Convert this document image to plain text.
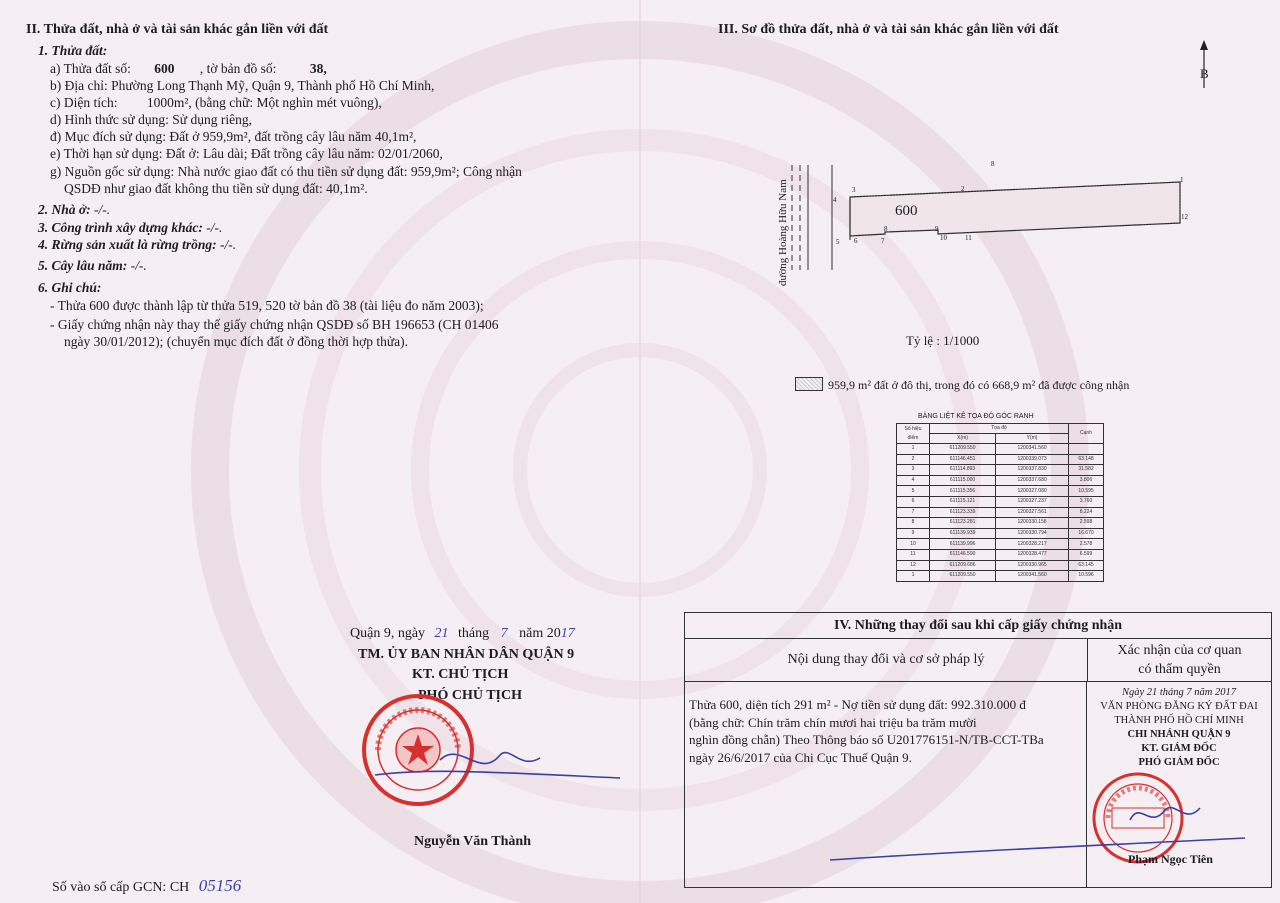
II. Thửa đất, nhà ở và tài sản khác gắn liền với đất
1. Thửa đất:
a) Thửa đất số: 600 , tờ bản đồ số: 38,
b) Địa chỉ: Phường Long Thạnh Mỹ, Quận 9, Thành phố Hồ Chí Minh,
c) Diện tích: 1000m², (bằng chữ: Một nghìn mét vuông),
d) Hình thức sử dụng: Sử dụng riêng,
đ) Mục đích sử dụng: Đất ở 959,9m², đất trồng cây lâu năm 40,1m²,
e) Thời hạn sử dụng: Đất ở: Lâu dài; Đất trồng cây lâu năm: 02/01/2060,
g) Nguồn gốc sử dụng: Nhà nước giao đất có thu tiền sử dụng đất: 959,9m²; Công nhận
QSDĐ như giao đất không thu tiền sử dụng đất: 40,1m².
2. Nhà ở: -/-.
3. Công trình xây dựng khác: -/-.
4. Rừng sản xuất là rừng trồng: -/-.
5. Cây lâu năm: -/-.
6. Ghi chú:
- Thửa 600 được thành lập từ thửa 519, 520 tờ bản đồ 38 (tài liệu đo năm 2003);
- Giấy chứng nhận này thay thế giấy chứng nhận QSDĐ số BH 196653 (CH 01406
ngày 30/01/2012); (chuyển mục đích đất ở đồng thời hợp thửa).
Quận 9, ngày 21 tháng 7 năm 2017
TM. ỦY BAN NHÂN DÂN QUẬN 9
KT. CHỦ TỊCH
PHÓ CHỦ TỊCH
Nguyễn Văn Thành
Số vào sổ cấp GCN: CH 05156
III. Sơ đồ thửa đất, nhà ở và tài sản khác gắn liền với đất
B
đường Hoàng Hữu Nam	600
8
1
2
3
4
5 6	7
8	9
10	11
12
Tỷ lệ : 1/1000
959,9 m² đất ở đô thị, trong đó có 668,9 m² đã được công nhận
BẢNG LIỆT KÊ TỌA ĐỘ GÓC RANH
Số hiệu điểm	Tọa độ		Cạnh
	X(m)	Y(m)	
1	611209.550	1200341.560	
2	611146.451	1200339.073	63.148
3	611114.893	1200337.830	31.582
4	611115.000	1200337.680	3.806
5	611115.356	1200327.080	10.595
6	611115.121	1200327.237	3.760
7	611123.339	1200327.561	8.224
8	611123.281	1200330.158	2.598
9	611139.939	1200330.794	16.670
10	611139.996	1200328.217	2.578
11	611146.590	1200328.477	6.599
12	611209.686	1200330.965	63.145
1	611209.550	1200341.560	10.596
IV. Những thay đổi sau khi cấp giấy chứng nhận
Nội dung thay đổi và cơ sở pháp lý
Xác nhận của cơ quan
có thẩm quyền
Thửa 600, diện tích 291 m² - Nợ tiền sử dụng đất: 992.310.000 đ
(bằng chữ: Chín trăm chín mươi hai triệu ba trăm mười
nghìn đồng chẵn) Theo Thông báo số U201776151-N/TB-CCT-TBa
ngày 26/6/2017 của Chi Cục Thuế Quận 9.
Ngày 21 tháng 7 năm 2017
VĂN PHÒNG ĐĂNG KÝ ĐẤT ĐAI
THÀNH PHỐ HỒ CHÍ MINH
CHI NHÁNH QUẬN 9
KT. GIÁM ĐỐC
PHÓ GIÁM ĐỐC
Phạm Ngọc Tiên
